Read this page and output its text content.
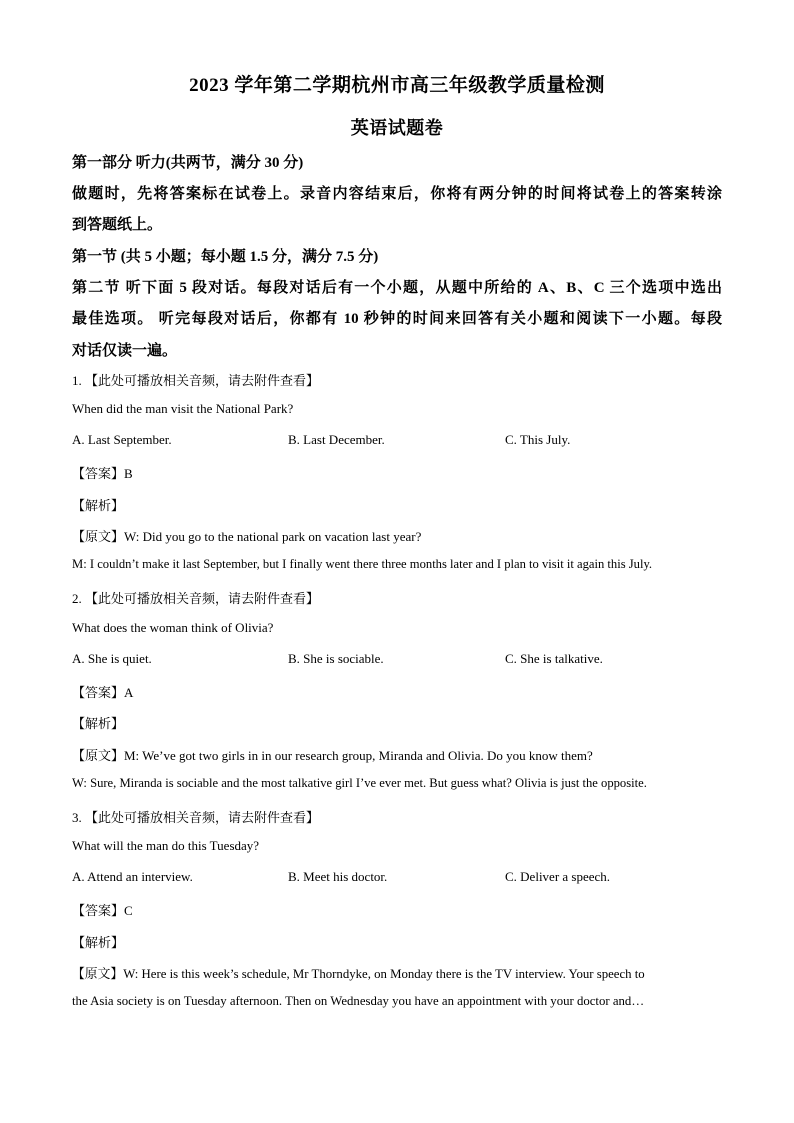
2023 学年第二学期杭州市高三年级教学质量检测
英语试题卷
第一部分 听力(共两节，满分 30 分)
做题时，先将答案标在试卷上。录音内容结束后，你将有两分钟的时间将试卷上的答案转涂
到答题纸上。
第一节 (共 5 小题；每小题 1.5 分，满分 7.5 分)
第二节 听下面 5 段对话。每段对话后有一个小题，从题中所给的 A、B、C 三个选项中选出
最佳选项。 听完每段对话后，你都有 10 秒钟的时间来回答有关小题和阅读下一小题。每段
对话仅读一遍。
1. 【此处可播放相关音频，请去附件查看】
When did the man visit the National Park?
A. Last September.	B. Last December.	C. This July.
【答案】B
【解析】
【原文】W: Did you go to the national park on vacation last year?
M: I couldn’t make it last September, but I finally went there three months later and I plan to visit it again this July.
2. 【此处可播放相关音频，请去附件查看】
What does the woman think of Olivia?
A. She is quiet.	B. She is sociable.	C. She is talkative.
【答案】A
【解析】
【原文】M: We’ve got two girls in in our research group, Miranda and Olivia. Do you know them?
W: Sure, Miranda is sociable and the most talkative girl I’ve ever met. But guess what? Olivia is just the opposite.
3. 【此处可播放相关音频，请去附件查看】
What will the man do this Tuesday?
A. Attend an interview.	B. Meet his doctor.	C. Deliver a speech.
【答案】C
【解析】
【原文】W: Here is this week’s schedule, Mr Thorndyke, on Monday there is the TV interview. Your speech to
the Asia society is on Tuesday afternoon. Then on Wednesday you have an appointment with your doctor and…
